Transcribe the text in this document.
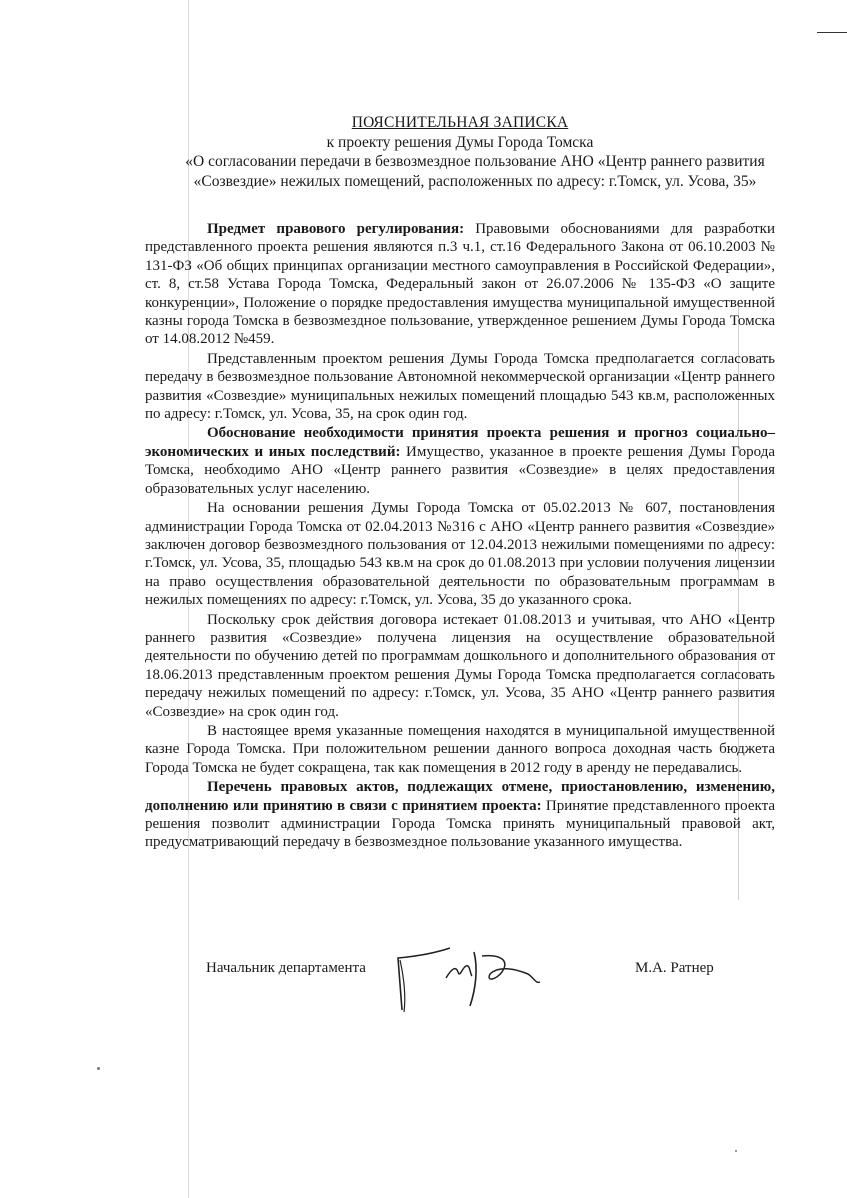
ПОЯСНИТЕЛЬНАЯ ЗАПИСКА
к проекту решения Думы Города Томска
«О согласовании передачи в безвозмездное пользование АНО «Центр раннего развития «Созвездие» нежилых помещений, расположенных по адресу: г.Томск, ул. Усова, 35»

Предмет правового регулирования: Правовыми обоснованиями для разработки представленного проекта решения являются п.3 ч.1, ст.16 Федерального Закона от 06.10.2003 № 131-ФЗ «Об общих принципах организации местного самоуправления в Российской Федерации», ст. 8, ст.58 Устава Города Томска, Федеральный закон от 26.07.2006 № 135-ФЗ «О защите конкуренции», Положение о порядке предоставления имущества муниципальной имущественной казны города Томска в безвозмездное пользование, утвержденное решением Думы Города Томска от 14.08.2012 №459.

Представленным проектом решения Думы Города Томска предполагается согласовать передачу в безвозмездное пользование Автономной некоммерческой организации «Центр раннего развития «Созвездие» муниципальных нежилых помещений площадью 543 кв.м, расположенных по адресу: г.Томск, ул. Усова, 35, на срок один год.

Обоснование необходимости принятия проекта решения и прогноз социально–экономических и иных последствий: Имущество, указанное в проекте решения Думы Города Томска, необходимо АНО «Центр раннего развития «Созвездие» в целях предоставления образовательных услуг населению.

На основании решения Думы Города Томска от 05.02.2013 № 607, постановления администрации Города Томска от 02.04.2013 №316 с АНО «Центр раннего развития «Созвездие» заключен договор безвозмездного пользования от 12.04.2013 нежилыми помещениями по адресу: г.Томск, ул. Усова, 35, площадью 543 кв.м на срок до 01.08.2013 при условии получения лицензии на право осуществления образовательной деятельности по образовательным программам в нежилых помещениях по адресу: г.Томск, ул. Усова, 35 до указанного срока.

Поскольку срок действия договора истекает 01.08.2013 и учитывая, что АНО «Центр раннего развития «Созвездие» получена лицензия на осуществление образовательной деятельности по обучению детей по программам дошкольного и дополнительного образования от 18.06.2013 представленным проектом решения Думы Города Томска предполагается согласовать передачу нежилых помещений по адресу: г.Томск, ул. Усова, 35 АНО «Центр раннего развития «Созвездие» на срок один год.

В настоящее время указанные помещения находятся в муниципальной имущественной казне Города Томска. При положительном решении данного вопроса доходная часть бюджета Города Томска не будет сокращена, так как помещения в 2012 году в аренду не передавались.

Перечень правовых актов, подлежащих отмене, приостановлению, изменению, дополнению или принятию в связи с принятием проекта: Принятие представленного проекта решения позволит администрации Города Томска принять муниципальный правовой акт, предусматривающий передачу в безвозмездное пользование указанного имущества.

Начальник департамента	М.А. Ратнер
